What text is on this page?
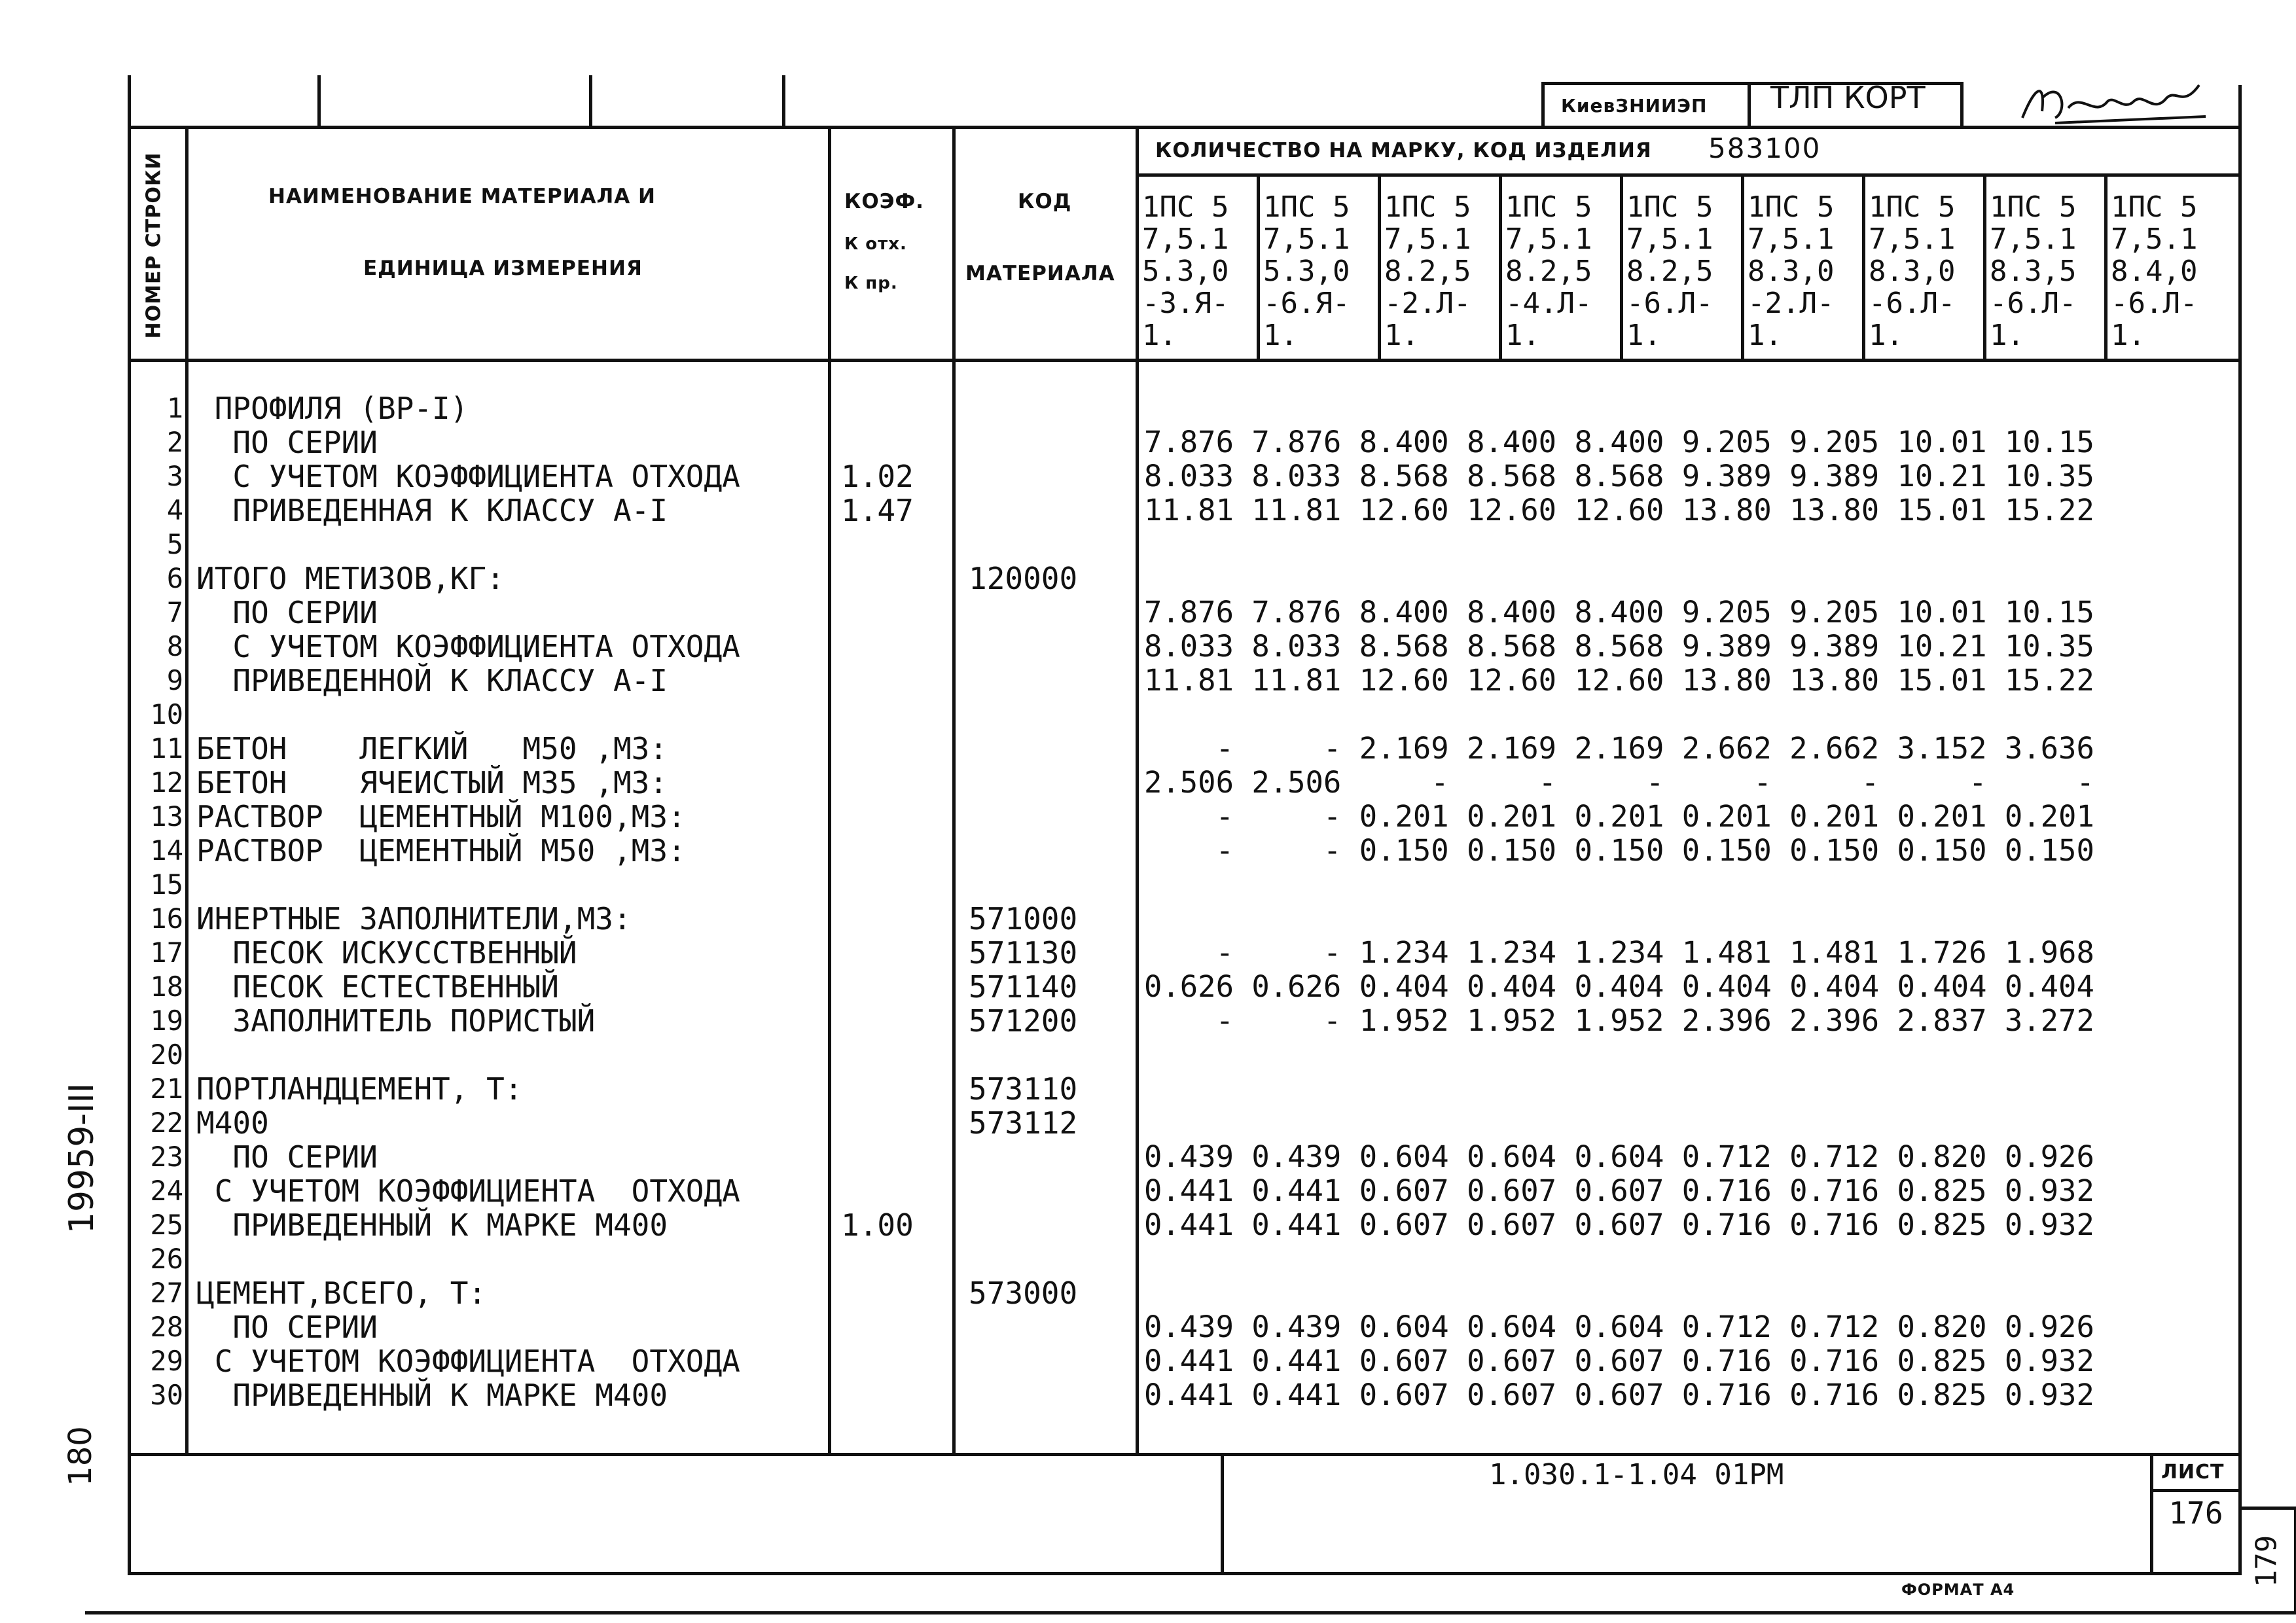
КиевЗНИИЭП ТЛП КОРТ
НОМЕР СТРОКИ	НАИМЕНОВАНИЕ МАТЕРИАЛА И
ЕДИНИЦА ИЗМЕРЕНИЯ
КОЭФ.
К отх.
К пр.
КОД
МАТЕРИАЛА
КОЛИЧЕСТВО НА МАРКУ, КОД ИЗДЕЛИЯ 583100
1ПС 5
7,5.1
5.3,0
-3.Я-
1.
1ПС 5
7,5.1
5.3,0
-6.Я-
1.
1ПС 5
7,5.1
8.2,5
-2.Л-
1.
1ПС 5
7,5.1
8.2,5
-4.Л-
1.
1ПС 5
7,5.1
8.2,5
-6.Л-
1.
1ПС 5
7,5.1
8.3,0
-2.Л-
1.
1ПС 5
7,5.1
8.3,0
-6.Л-
1.
1ПС 5
7,5.1
8.3,5
-6.Л-
1.
1ПС 5
7,5.1
8.4,0
-6.Л-
1.
1
2
3
4
5
6
7
8
9
10
11
12
13
14
15
16
17
18
19
20
21
22
23
24
25
26
27
28
29
30
ПРОФИЛЯ (ВР-I)
ПО СЕРИИ
С УЧЕТОМ КОЭФФИЦИЕНТА ОТХОДА
ПРИВЕДЕННАЯ К КЛАССУ А-I

ИТОГО МЕТИЗОВ,КГ:
ПО СЕРИИ
С УЧЕТОМ КОЭФФИЦИЕНТА ОТХОДА
ПРИВЕДЕННОЙ К КЛАССУ А-I

БЕТОН    ЛЕГКИЙ   М50 ,М3:
БЕТОН    ЯЧЕИСТЫЙ М35 ,М3:
РАСТВОР  ЦЕМЕНТНЫЙ М100,М3:
РАСТВОР  ЦЕМЕНТНЫЙ М50 ,М3:

ИНЕРТНЫЕ ЗАПОЛНИТЕЛИ,М3:
ПЕСОК ИСКУССТВЕННЫЙ
ПЕСОК ЕСТЕСТВЕННЫЙ
ЗАПОЛНИТЕЛЬ ПОРИСТЫЙ

ПОРТЛАНДЦЕМЕНТ, Т:
М400
ПО СЕРИИ
С УЧЕТОМ КОЭФФИЦИЕНТА  ОТХОДА
ПРИВЕДЕННЫЙ К МАРКЕ М400

ЦЕМЕНТ,ВСЕГО, Т:
ПО СЕРИИ
С УЧЕТОМ КОЭФФИЦИЕНТА  ОТХОДА
ПРИВЕДЕННЫЙ К МАРКЕ М400

1.02
1.47

1.00

120000

571000
571130
571140
571200

573110
573112

573000

7.876 7.876 8.400 8.400 8.400 9.205 9.205 10.01 10.15
8.033 8.033 8.568 8.568 8.568 9.389 9.389 10.21 10.35
11.81 11.81 12.60 12.60 12.60 13.80 13.80 15.01 15.22

7.876 7.876 8.400 8.400 8.400 9.205 9.205 10.01 10.15
8.033 8.033 8.568 8.568 8.568 9.389 9.389 10.21 10.35
11.81 11.81 12.60 12.60 12.60 13.80 13.80 15.01 15.22

-     - 2.169 2.169 2.169 2.662 2.662 3.152 3.636
2.506 2.506     -     -     -     -     -     -     -
-     - 0.201 0.201 0.201 0.201 0.201 0.201 0.201
-     - 0.150 0.150 0.150 0.150 0.150 0.150 0.150

-     - 1.234 1.234 1.234 1.481 1.481 1.726 1.968
0.626 0.626 0.404 0.404 0.404 0.404 0.404 0.404 0.404
-     - 1.952 1.952 1.952 2.396 2.396 2.837 3.272

0.439 0.439 0.604 0.604 0.604 0.712 0.712 0.820 0.926
0.441 0.441 0.607 0.607 0.607 0.716 0.716 0.825 0.932
0.441 0.441 0.607 0.607 0.607 0.716 0.716 0.825 0.932

0.439 0.439 0.604 0.604 0.604 0.712 0.712 0.820 0.926
0.441 0.441 0.607 0.607 0.607 0.716 0.716 0.825 0.932
0.441 0.441 0.607 0.607 0.607 0.716 0.716 0.825 0.932
1.030.1-1.04 01РМ	ЛИСТ
176
ФОРМАТ А4
19959-III
180
179
